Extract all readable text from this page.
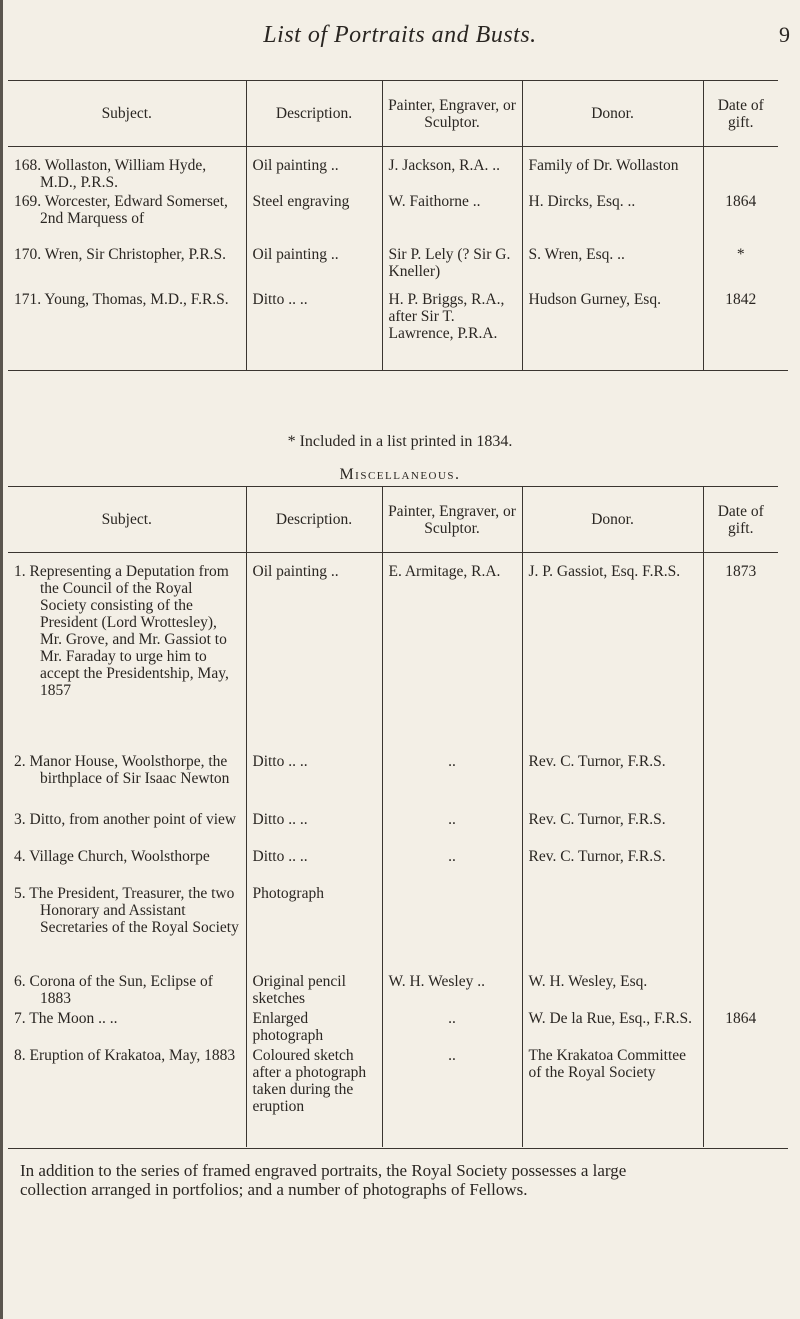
List of Portraits and Busts.	9
Subject.	Description.	Painter, Engraver, or Sculptor.	Donor.	Date of gift.

168. Wollaston, William Hyde, M.D., P.R.S.	Oil painting ..	J. Jackson, R.A. ..	Family of Dr. Wollaston	

169. Worcester, Edward Somerset, 2nd Marquess of	Steel engraving	W. Faithorne ..	H. Dircks, Esq. ..	1864

170. Wren, Sir Christopher, P.R.S.	Oil painting ..	Sir P. Lely (? Sir G. Kneller)	S. Wren, Esq. ..	*

171. Young, Thomas, M.D., F.R.S.	Ditto .. ..	H. P. Briggs, R.A., after Sir T. Lawrence, P.R.A.	Hudson Gurney, Esq.	1842
* Included in a list printed in 1834.
Miscellaneous.
Subject.	Description.	Painter, Engraver, or Sculptor.	Donor.	Date of gift.

1. Representing a Deputation from the Council of the Royal Society consisting of the President (Lord Wrottesley), Mr. Grove, and Mr. Gassiot to Mr. Faraday to urge him to accept the Presidentship, May, 1857	Oil painting ..	E. Armitage, R.A.	J. P. Gassiot, Esq. F.R.S.	1873

2. Manor House, Woolsthorpe, the birthplace of Sir Isaac Newton	Ditto .. ..	..	Rev. C. Turnor, F.R.S.	

3. Ditto, from another point of view	Ditto .. ..	..	Rev. C. Turnor, F.R.S.	

4. Village Church, Woolsthorpe	Ditto .. ..	..	Rev. C. Turnor, F.R.S.	

5. The President, Treasurer, the two Honorary and Assistant Secretaries of the Royal Society	Photograph			

6. Corona of the Sun, Eclipse of 1883	Original pencil sketches	W. H. Wesley ..	W. H. Wesley, Esq.	

7. The Moon .. ..	Enlarged photograph	..	W. De la Rue, Esq., F.R.S.	1864

8. Eruption of Krakatoa, May, 1883	Coloured sketch after a photograph taken during the eruption	..	The Krakatoa Committee of the Royal Society	
In addition to the series of framed engraved portraits, the Royal Society possesses a large
collection arranged in portfolios; and a number of photographs of Fellows.
